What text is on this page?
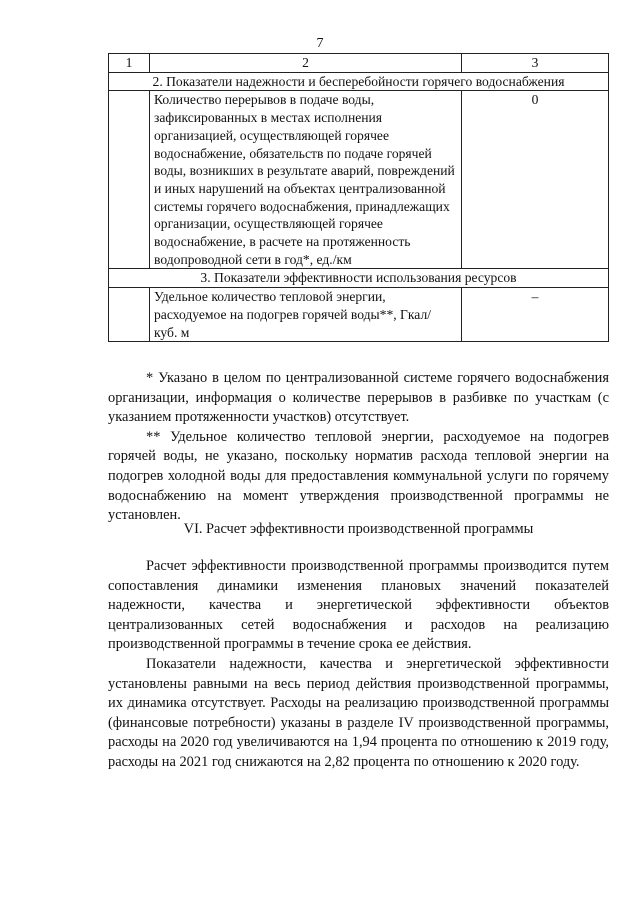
7
1	2	3
2. Показатели надежности и бесперебойности горячего водоснабжения		
	Количество перерывов в подаче воды, зафиксированных в местах исполнения организацией, осуществляющей горячее водоснабжение, обязательств по подаче горячей воды, возникших в результате аварий, повреждений и иных нарушений на объектах централизованной системы горячего водоснабжения, принадлежащих организации, осуществляющей горячее водоснабжение, в расчете на протяженность водопроводной сети в год*, ед./км	0
3. Показатели эффективности использования ресурсов		
	Удельное количество тепловой энергии, расходуемое на подогрев горячей воды**, Гкал/ куб. м	–

* Указано в целом по централизованной системе горячего водоснабжения организации, информация о количестве перерывов в разбивке по участкам (с указанием протяженности участков) отсутствует.

** Удельное количество тепловой энергии, расходуемое на подогрев горячей воды, не указано, поскольку норматив расхода тепловой энергии на подогрев холодной воды для предоставления коммунальной услуги по горячему водоснабжению на момент утверждения производственной программы не установлен.

VI. Расчет эффективности производственной программы

Расчет эффективности производственной программы производится путем сопоставления динамики изменения плановых значений показателей надежности, качества и энергетической эффективности объектов централизованных сетей водоснабжения и расходов на реализацию производственной программы в течение срока ее действия.

Показатели надежности, качества и энергетической эффективности установлены равными на весь период действия производственной программы, их динамика отсутствует. Расходы на реализацию производственной программы (финансовые потребности) указаны в разделе IV производственной программы, расходы на 2020 год увеличиваются на 1,94 процента по отношению к 2019 году, расходы на 2021 год снижаются на 2,82 процента по отношению к 2020 году.
